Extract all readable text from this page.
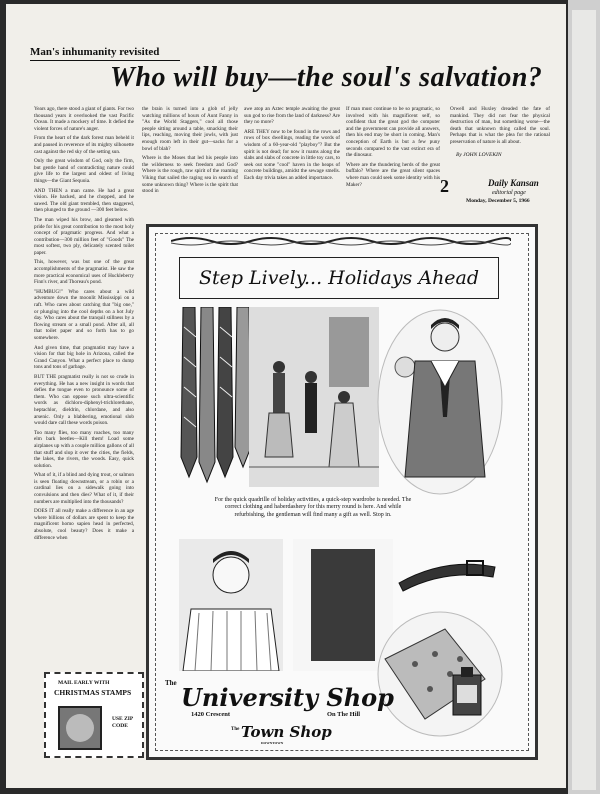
Man's inhumanity revisited
Who will buy—the soul's salvation?

Years ago, there stood a giant of giants. For two thousand years it overlooked the vast Pacific Ocean. It made a mockery of time. It defied the violent forces of nature's anger.

From the heart of the dark forest man beheld it and paused in reverence of its mighty silhouette cast against the red sky of the setting sun.

Only the great wisdom of God, only the firm, but gentle hand of contradicting nature could give life to the largest and oldest of living things—the Giant Sequoia.

AND THEN a man came. He had a great vision. He hacked, and he chopped, and he sawed. The old giant trembled, then staggered, then plunged to the ground —300 feet below.

The man wiped his brow, and gleamed with pride for his great contribution to the most holy concept of pragmatic progress. And what a contribution—300 million feet of "Goods" The most softest, two ply, delicately scented toilet paper.

This, however, was but one of the great accomplishments of the pragmatist. He saw the more practical economical uses of Huckleberry Finn's river, and Thoreau's pond.

"HUMBUG!" Who cares about a wild adventure down the moonlit Mississippi on a raft. Who cares about catching that "big one," or plunging into the cool depths on a hot July day. Who cares about the tranquil stillness by a flowing stream or a small pond. After all, all that toilet paper and so forth has to go somewhere.

And given time, that pragmatist may have a vision for that big hole in Arizona, called the Grand Canyon. What a perfect place to dump tons and tons of garbage.

BUT THE pragmatist really is not so crude in everything. He has a new insight in words that defies the tongue even to pronounce some of them. Who can oppose such ultra-scientific words as dichloro-diphenyl-trichlorethane, heptachlor, dieldrin, chlordane, and also arsenic. Only a blabbering, emotional slob would dare call these words poison.

Too many flies, too many roaches, too many elm bark beetles—Kill them! Load some airplanes up with a couple million gallons of all that stuff and slop it over the cities, the fields, the lakes, the rivers, the woods. Easy, quick solution.

What of it, if a blind and dying trout, or salmon is seen floating downstream, or a robin or a cardinal lies on a sidewalk going into convulsions and then dies? What of it, if their numbers are multiplied into the thousands?

DOES IT all really make a difference in an age where billions of dollars are spent to keep the magnificent homo sapien head in perfected, absolute, cool beauty? Does it make a difference when

the brain is turned into a glob of jelly watching millions of hours of Aunt Fanny in "As the World Staggers," cool all those people sitting around a table, smacking their lips, reaching, moving their jowls, with just enough room left in their gut—sacks for a bowl of blah?

Where is the Moses that led his people into the wilderness to seek freedom and God? Where is the rough, raw spirit of the roaming Viking that sailed the raging sea in search of some unknown thing? Where is the spirit that stood in

awe atop an Aztec temple awaiting the great sun god to rise from the land of darkness? Are they no more?

ARE THEY now to be found in the rows and rows of box dwellings, reading the words of wisdom of a 60-year-old "playboy"? But the spirit is not dead; for now it roams along the slabs and slabs of concrete in little toy cars, to seek out some "cool" haven in the heaps of concrete buildings, amidst the sewage smells. Each day trivia takes an added importance.

If man must continue to be so pragmatic, so involved with his magnificent self, so confident that the great god the computer and the government can provide all answers, then his end may be short in coming. Man's conception of Earth is but a few puny seconds compared to the vast extinct era of the dinosaur.

Where are the thundering herds of the great buffalo? Where are the great silent spaces where man could seek some identity with his Maker?

Orwell and Huxley dreaded the fate of mankind. They did not fear the physical destruction of man, but something worse—the death that unknown thing called the soul. Perhaps that is what the plea for the rational preservation of nature is all about.

By JOHN LOVEKIN
2	Daily Kansan
editorial page
Monday, December 5, 1966
Step Lively... Holidays Ahead
For the quick quadrille of holiday activities, a quick-step wardrobe is needed. The correct clothing and haberdashery for this merry round is here. And while refurbishing, the gentleman will find many a gift as well. Stop in.
The University Shop
1420 Crescent	On The Hill
The Town Shop
DOWNTOWN
MAIL EARLY WITH
CHRISTMAS STAMPS
USE ZIP CODE
